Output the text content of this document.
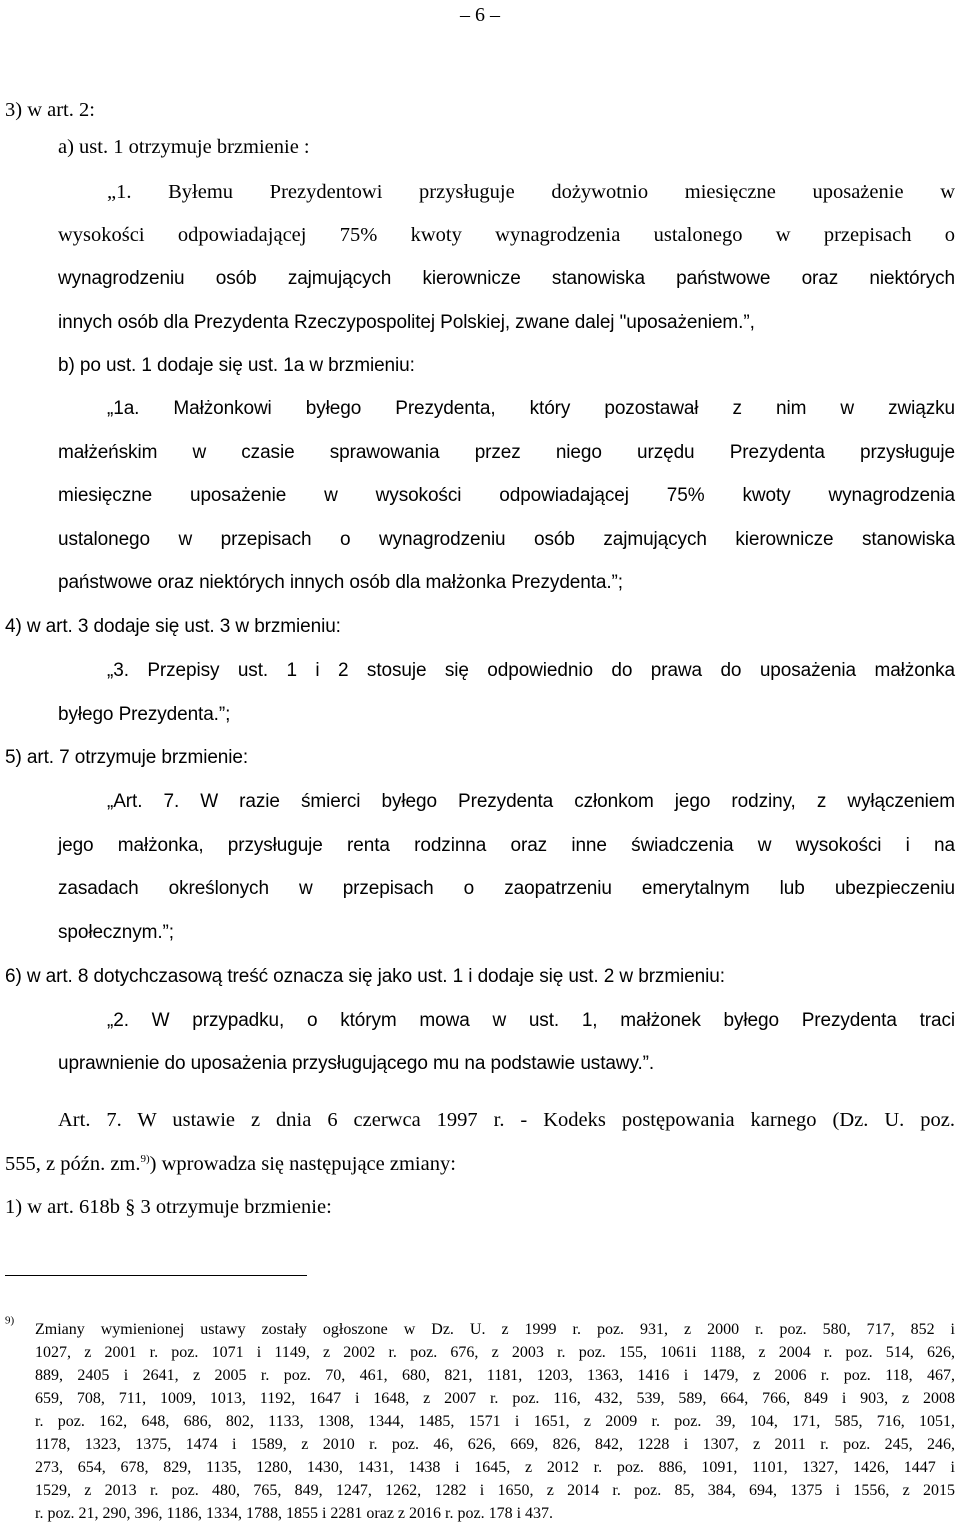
– 6 –
3) w art. 2:
a) ust. 1 otrzymuje brzmienie :
„1. Byłemu Prezydentowi przysługuje dożywotnio miesięczne uposażenie w
wysokości odpowiadającej 75% kwoty wynagrodzenia ustalonego w przepisach o
wynagrodzeniu osób zajmujących kierownicze stanowiska państwowe oraz niektórych
innych osób dla Prezydenta Rzeczypospolitej Polskiej, zwane dalej "uposażeniem.”,
b) po ust. 1 dodaje się ust. 1a w brzmieniu:
„1a. Małżonkowi byłego Prezydenta, który pozostawał z nim w związku
małżeńskim w czasie sprawowania przez niego urzędu Prezydenta przysługuje
miesięczne uposażenie w wysokości odpowiadającej 75% kwoty wynagrodzenia
ustalonego w przepisach o wynagrodzeniu osób zajmujących kierownicze stanowiska
państwowe oraz niektórych innych osób dla małżonka Prezydenta.”;
4) w art. 3 dodaje się ust. 3 w brzmieniu:
„3. Przepisy ust. 1 i 2 stosuje się odpowiednio do prawa do uposażenia małżonka
byłego Prezydenta.”;
5) art. 7 otrzymuje brzmienie:
„Art. 7. W razie śmierci byłego Prezydenta członkom jego rodziny, z wyłączeniem
jego małżonka, przysługuje renta rodzinna oraz inne świadczenia w wysokości i na
zasadach określonych w przepisach o zaopatrzeniu emerytalnym lub ubezpieczeniu
społecznym.”;
6) w art. 8 dotychczasową treść oznacza się jako ust. 1 i dodaje się ust. 2 w brzmieniu:
„2. W przypadku, o którym mowa w ust. 1, małżonek byłego Prezydenta traci
uprawnienie do uposażenia przysługującego mu na podstawie ustawy.”.
Art. 7. W ustawie z dnia 6 czerwca 1997 r. - Kodeks postępowania karnego (Dz. U. poz.
555, z późn. zm.$^{9)}$) wprowadza się następujące zmiany:
1) w art. 618b § 3 otrzymuje brzmienie:
$^{9)}$
Zmiany wymienionej ustawy zostały ogłoszone w Dz. U. z 1999 r. poz. 931, z 2000 r. poz. 580, 717, 852 i
1027, z 2001 r. poz. 1071 i 1149, z 2002 r. poz. 676, z 2003 r. poz. 155, 1061i 1188, z 2004 r. poz. 514, 626,
889, 2405 i 2641, z 2005 r. poz. 70, 461, 680, 821, 1181, 1203, 1363, 1416 i 1479, z 2006 r. poz. 118, 467,
659, 708, 711, 1009, 1013, 1192, 1647 i 1648, z 2007 r. poz. 116, 432, 539, 589, 664, 766, 849 i 903, z 2008
r. poz. 162, 648, 686, 802, 1133, 1308, 1344, 1485, 1571 i 1651, z 2009 r. poz. 39, 104, 171, 585, 716, 1051,
1178, 1323, 1375, 1474 i 1589, z 2010 r. poz. 46, 626, 669, 826, 842, 1228 i 1307, z 2011 r. poz. 245, 246,
273, 654, 678, 829, 1135, 1280, 1430, 1431, 1438 i 1645, z 2012 r. poz. 886, 1091, 1101, 1327, 1426, 1447 i
1529, z 2013 r. poz. 480, 765, 849, 1247, 1262, 1282 i 1650, z 2014 r. poz. 85, 384, 694, 1375 i 1556, z 2015
r. poz. 21, 290, 396, 1186, 1334, 1788, 1855 i 2281 oraz z 2016 r. poz. 178 i 437.
